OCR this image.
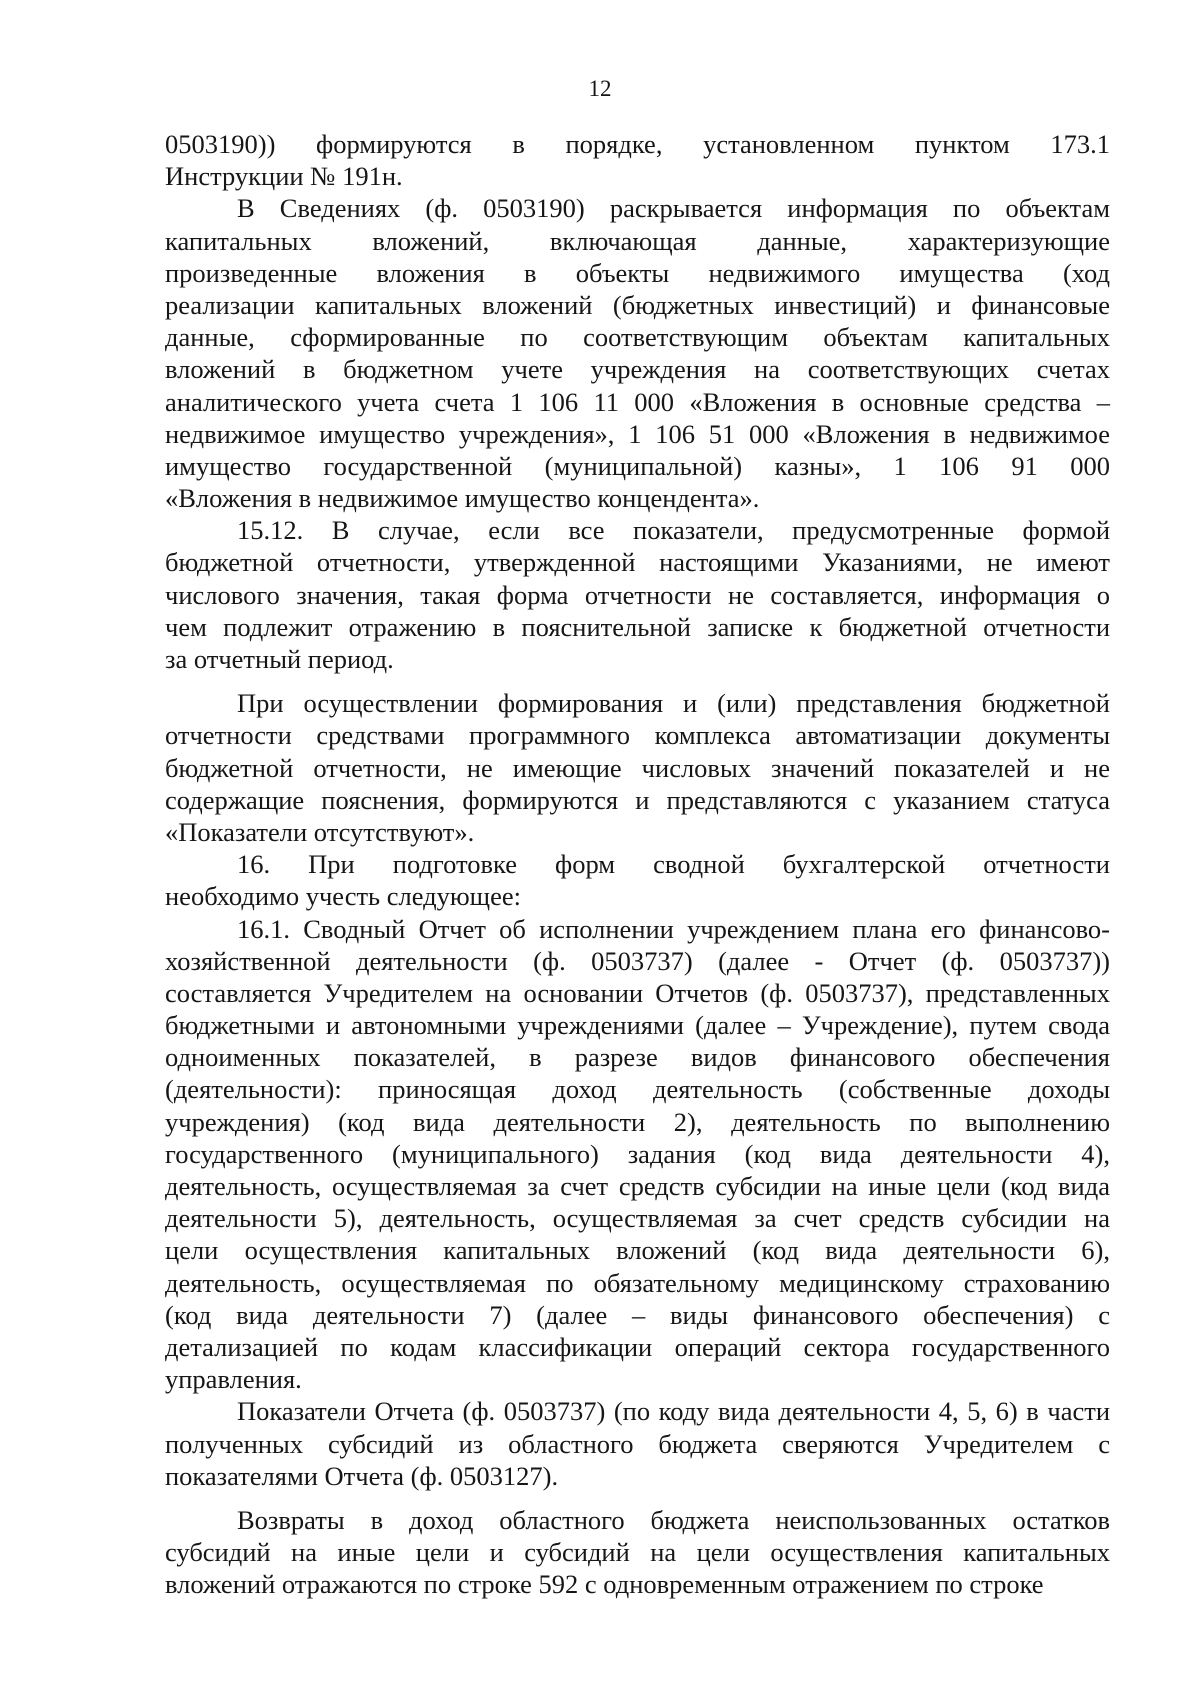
12
0503190)) формируются в порядке, установленном пунктом 173.1
Инструкции № 191н.
В Сведениях (ф. 0503190) раскрывается информация по объектам
капитальных вложений, включающая данные, характеризующие
произведенные вложения в объекты недвижимого имущества (ход
реализации капитальных вложений (бюджетных инвестиций) и финансовые
данные, сформированные по соответствующим объектам капитальных
вложений в бюджетном учете учреждения на соответствующих счетах
аналитического учета счета 1 106 11 000 «Вложения в основные средства –
недвижимое имущество учреждения», 1 106 51 000 «Вложения в недвижимое
имущество государственной (муниципальной) казны», 1 106 91 000
«Вложения в недвижимое имущество концендента».
15.12. В случае, если все показатели, предусмотренные формой
бюджетной отчетности, утвержденной настоящими Указаниями, не имеют
числового значения, такая форма отчетности не составляется, информация о
чем подлежит отражению в пояснительной записке к бюджетной отчетности
за отчетный период.
При осуществлении формирования и (или) представления бюджетной
отчетности средствами программного комплекса автоматизации документы
бюджетной отчетности, не имеющие числовых значений показателей и не
содержащие пояснения, формируются и представляются с указанием статуса
«Показатели отсутствуют».
16. При подготовке форм сводной бухгалтерской отчетности
необходимо учесть следующее:
16.1. Сводный Отчет об исполнении учреждением плана его финансово-
хозяйственной деятельности (ф. 0503737) (далее - Отчет (ф. 0503737))
составляется Учредителем на основании Отчетов (ф. 0503737), представленных
бюджетными и автономными учреждениями (далее – Учреждение), путем свода
одноименных показателей, в разрезе видов финансового обеспечения
(деятельности): приносящая доход деятельность (собственные доходы
учреждения) (код вида деятельности 2), деятельность по выполнению
государственного (муниципального) задания (код вида деятельности 4),
деятельность, осуществляемая за счет средств субсидии на иные цели (код вида
деятельности 5), деятельность, осуществляемая за счет средств субсидии на
цели осуществления капитальных вложений (код вида деятельности 6),
деятельность, осуществляемая по обязательному медицинскому страхованию
(код вида деятельности 7) (далее – виды финансового обеспечения) с
детализацией по кодам классификации операций сектора государственного
управления.
Показатели Отчета (ф. 0503737) (по коду вида деятельности 4, 5, 6) в части
полученных субсидий из областного бюджета сверяются Учредителем с
показателями Отчета (ф. 0503127).
Возвраты в доход областного бюджета неиспользованных остатков
субсидий на иные цели и субсидий на цели осуществления капитальных
вложений отражаются по строке 592 с одновременным отражением по строке
